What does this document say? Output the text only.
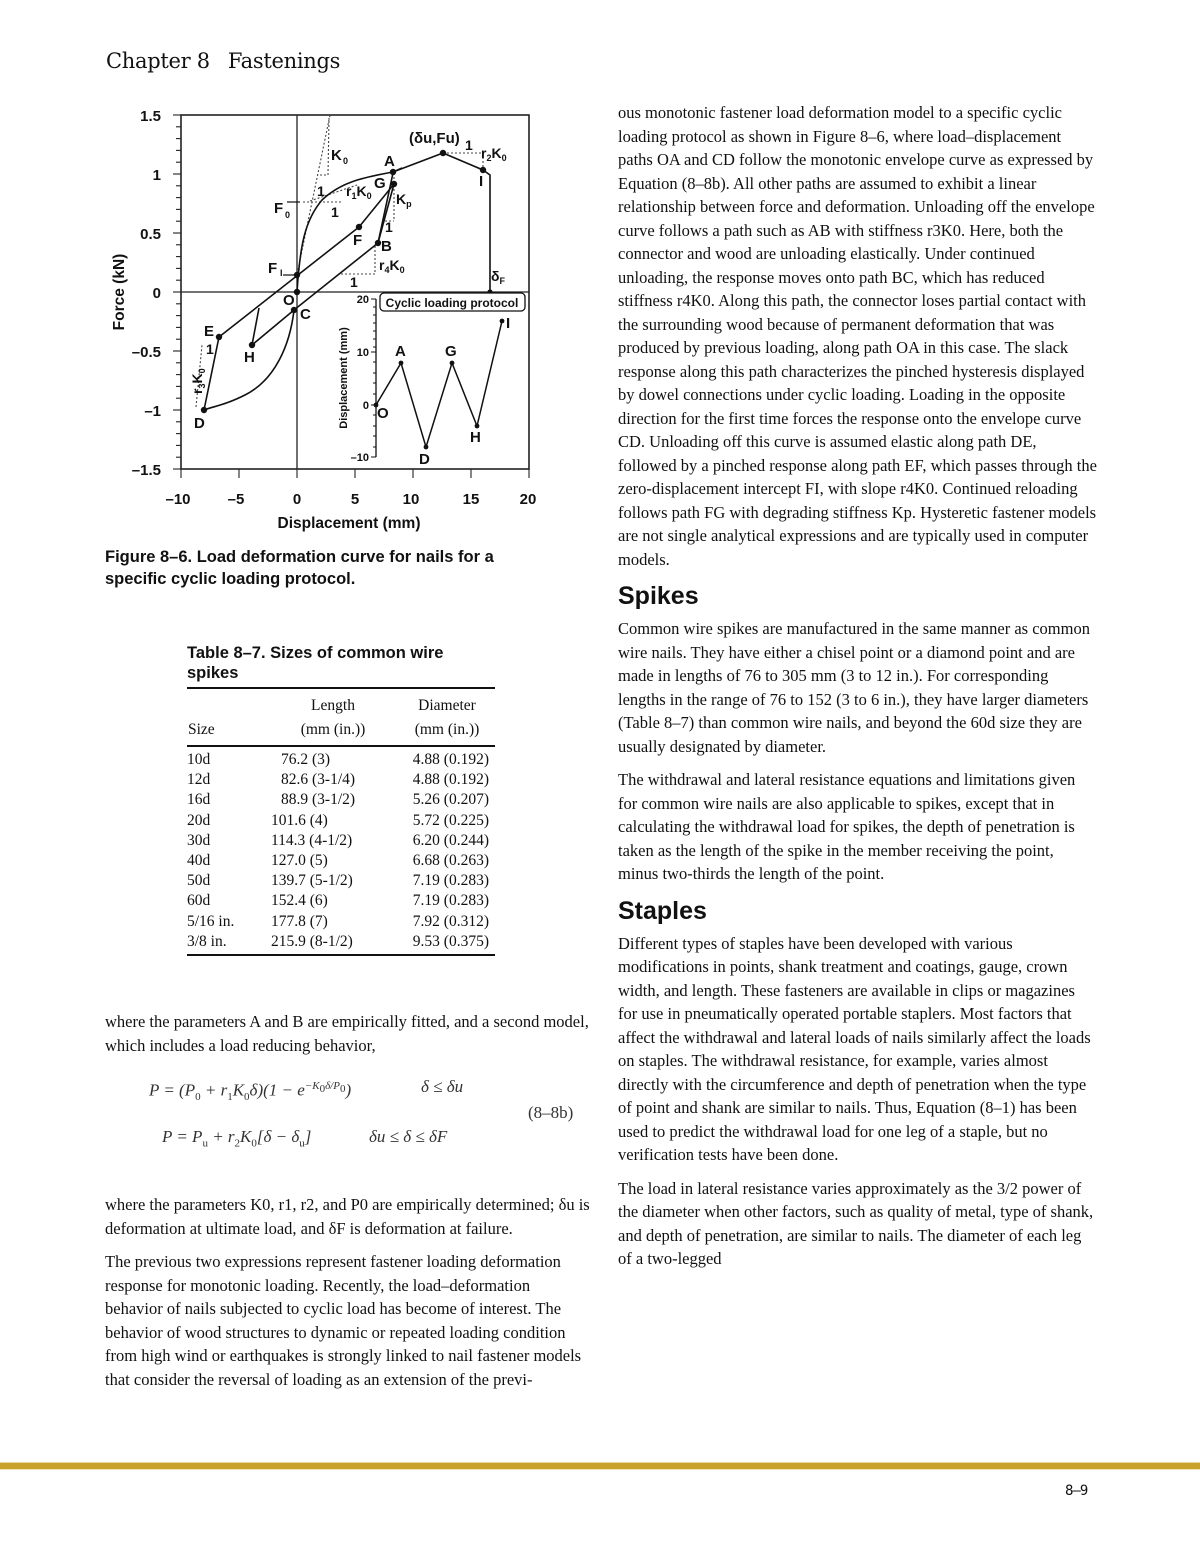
Chapter 8 Fastenings
1.5
1
0.5
0
–0.5
–1
–1.5
–10 –5	0	5	10	15	20
Displacement (mm)
Force (kN)
K 0 A
G
F B
O
C
E
H
D
I
F 0
F I
(δu,Fu)
$r_1K_0$
$r_2K_0$
$r_4K_0$
$K_p$
$\delta_F$
$r_3K_0$
1
1
1
1
1
1
20
10
0
–10
Displacement (mm)
Cyclic loading protocol
O
A
D
G
H
I
Figure 8–6. Load deformation curve for nails for a specific cyclic loading protocol.
Table 8–7. Sizes of common wire spikes
	Length	Diameter
Size	(mm (in.))	(mm (in.))
10d	76.2 (3)	4.88 (0.192)
12d	82.6 (3-1/4)	4.88 (0.192)
16d	88.9 (3-1/2)	5.26 (0.207)
20d	101.6 (4)	5.72 (0.225)
30d	114.3 (4-1/2)	6.20 (0.244)
40d	127.0 (5)	6.68 (0.263)
50d	139.7 (5-1/2)	7.19 (0.283)
60d	152.4 (6)	7.19 (0.283)
5/16 in.	177.8 (7)	7.92 (0.312)
3/8 in.	215.9 (8-1/2)	9.53 (0.375)

where the parameters A and B are empirically fitted, and a second model, which includes a load reducing behavior,

$P = (P_0 + r_1K_0\delta)(1 - e^{-K_0\delta/P_0})$	δ ≤ δu
$P = P_u + r_2K_0[\delta - \delta_u]$	δu ≤ δ ≤ δF
(8–8b)

where the parameters K0, r1, r2, and P0 are empirically determined; δu is deformation at ultimate load, and δF is deformation at failure.

The previous two expressions represent fastener loading deformation response for monotonic loading. Recently, the load–deformation behavior of nails subjected to cyclic load has become of interest. The behavior of wood structures to dynamic or repeated loading condition from high wind or earthquakes is strongly linked to nail fastener models that consider the reversal of loading as an extension of the previ-

ous monotonic fastener load deformation model to a specific cyclic loading protocol as shown in Figure 8–6, where load–displacement paths OA and CD follow the monotonic envelope curve as expressed by Equation (8–8b). All other paths are assumed to exhibit a linear relationship between force and deformation. Unloading off the envelope curve follows a path such as AB with stiffness r3K0. Here, both the connector and wood are unloading elastically. Under continued unloading, the response moves onto path BC, which has reduced stiffness r4K0. Along this path, the connector loses partial contact with the surrounding wood because of permanent deformation that was produced by previous loading, along path OA in this case. The slack response along this path characterizes the pinched hysteresis displayed by dowel connections under cyclic loading. Loading in the opposite direction for the first time forces the response onto the envelope curve CD. Unloading off this curve is assumed elastic along path DE, followed by a pinched response along path EF, which passes through the zero-displacement intercept FI, with slope r4K0. Continued reloading follows path FG with degrading stiffness Kp. Hysteretic fastener models are not single analytical expressions and are typically used in computer models.

Spikes

Common wire spikes are manufactured in the same manner as common wire nails. They have either a chisel point or a diamond point and are made in lengths of 76 to 305 mm (3 to 12 in.). For corresponding lengths in the range of 76 to 152 (3 to 6 in.), they have larger diameters (Table 8–7) than common wire nails, and beyond the 60d size they are usually designated by diameter.

The withdrawal and lateral resistance equations and limitations given for common wire nails are also applicable to spikes, except that in calculating the withdrawal load for spikes, the depth of penetration is taken as the length of the spike in the member receiving the point, minus two-thirds the length of the point.

Staples

Different types of staples have been developed with various modifications in points, shank treatment and coatings, gauge, crown width, and length. These fasteners are available in clips or magazines for use in pneumatically operated portable staplers. Most factors that affect the withdrawal and lateral loads of nails similarly affect the loads on staples. The withdrawal resistance, for example, varies almost directly with the circumference and depth of penetration when the type of point and shank are similar to nails. Thus, Equation (8–1) has been used to predict the withdrawal load for one leg of a staple, but no verification tests have been done.

The load in lateral resistance varies approximately as the 3/2 power of the diameter when other factors, such as quality of metal, type of shank, and depth of penetration, are similar to nails. The diameter of each leg of a two-legged

8–9
